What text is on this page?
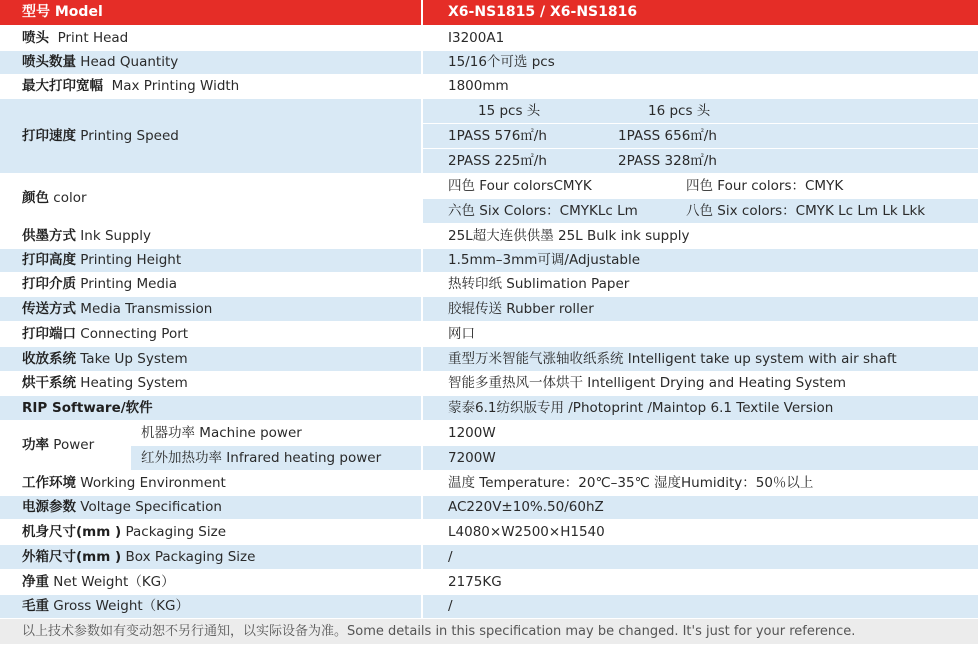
型号 Model		X6-NS1815 / X6-NS1816
喷头 Print Head		I3200A1
喷头数量 Head Quantity		15/16个可选 pcs
最大打印宽幅 Max Printing Width		1800mm
打印速度 Printing Speed		15 pcs 头 16 pcs 头
		1PASS 576㎡/h 1PASS 656㎡/h
		2PASS 225㎡/h 2PASS 328㎡/h
颜色 color		四色 Four colorsCMYK 四色 Four colors：CMYK
		六色 Six Colors：CMYKLc Lm 八色 Six colors：CMYK Lc Lm Lk Lkk
供墨方式 Ink Supply		25L超大连供供墨 25L Bulk ink supply
打印高度 Printing Height		1.5mm–3mm可调/Adjustable
打印介质 Printing Media		热转印纸 Sublimation Paper
传送方式 Media Transmission		胶辊传送 Rubber roller
打印端口 Connecting Port		网口
收放系统 Take Up System		重型万米智能气涨轴收纸系统 Intelligent take up system with air shaft
烘干系统 Heating System		智能多重热风一体烘干 Intelligent Drying and Heating System
RIP Software/软件		蒙泰6.1纺织版专用 /Photoprint /Maintop 6.1 Textile Version
功率 Power	机器功率 Machine power	1200W
	红外加热功率 Infrared heating power	7200W
工作环境 Working Environment		温度 Temperature：20℃–35℃ 湿度Humidity：50％以上
电源参数 Voltage Specification		AC220V±10%.50/60hZ
机身尺寸(mm ) Packaging Size		L4080×W2500×H1540
外箱尺寸(mm ) Box Packaging Size		/
净重 Net Weight（KG）		2175KG
毛重 Gross Weight（KG）		/
以上技术参数如有变动恕不另行通知，以实际设备为准。Some details in this specification may be changed. It's just for your reference.
